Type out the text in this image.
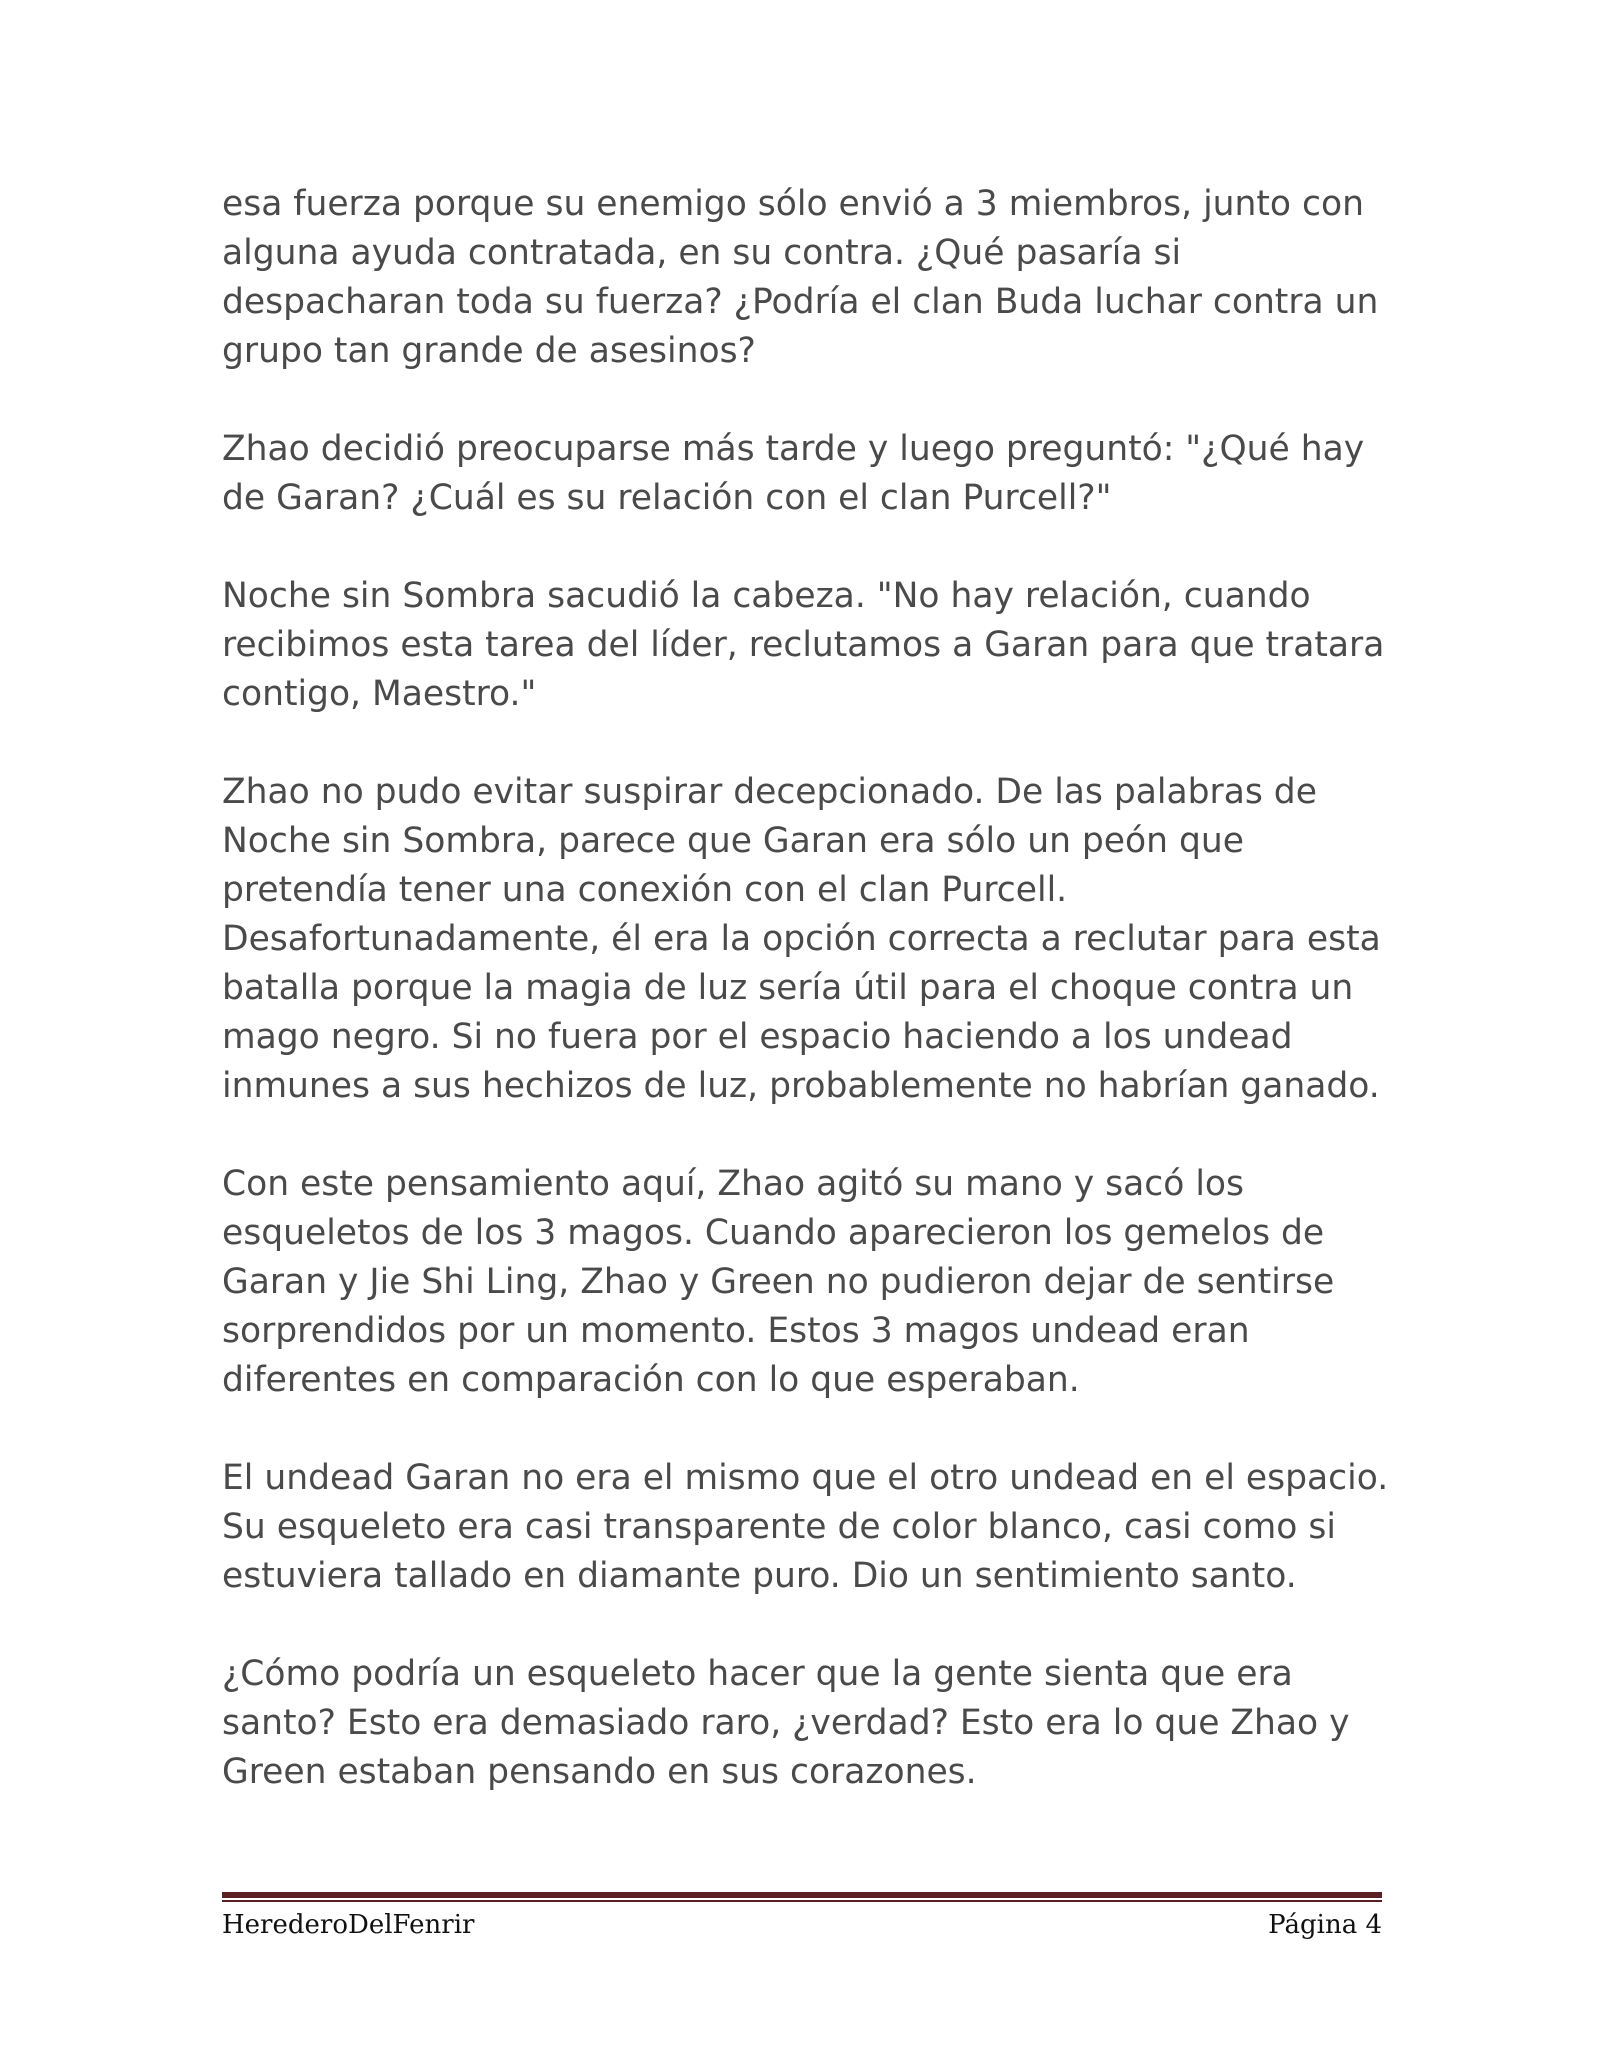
esa fuerza porque su enemigo sólo envió a 3 miembros, junto con alguna ayuda contratada, en su contra. ¿Qué pasaría si despacharan toda su fuerza? ¿Podría el clan Buda luchar contra un grupo tan grande de asesinos?

Zhao decidió preocuparse más tarde y luego preguntó: "¿Qué hay de Garan? ¿Cuál es su relación con el clan Purcell?"

Noche sin Sombra sacudió la cabeza. "No hay relación, cuando recibimos esta tarea del líder, reclutamos a Garan para que tratara contigo, Maestro."

Zhao no pudo evitar suspirar decepcionado. De las palabras de Noche sin Sombra, parece que Garan era sólo un peón que pretendía tener una conexión con el clan Purcell. Desafortunadamente, él era la opción correcta a reclutar para esta batalla porque la magia de luz sería útil para el choque contra un mago negro. Si no fuera por el espacio haciendo a los undead inmunes a sus hechizos de luz, probablemente no habrían ganado.

Con este pensamiento aquí, Zhao agitó su mano y sacó los esqueletos de los 3 magos. Cuando aparecieron los gemelos de Garan y Jie Shi Ling, Zhao y Green no pudieron dejar de sentirse sorprendidos por un momento. Estos 3 magos undead eran diferentes en comparación con lo que esperaban.

El undead Garan no era el mismo que el otro undead en el espacio. Su esqueleto era casi transparente de color blanco, casi como si estuviera tallado en diamante puro. Dio un sentimiento santo.

¿Cómo podría un esqueleto hacer que la gente sienta que era santo? Esto era demasiado raro, ¿verdad? Esto era lo que Zhao y Green estaban pensando en sus corazones.

HerederoDelFenrir	Página 4
